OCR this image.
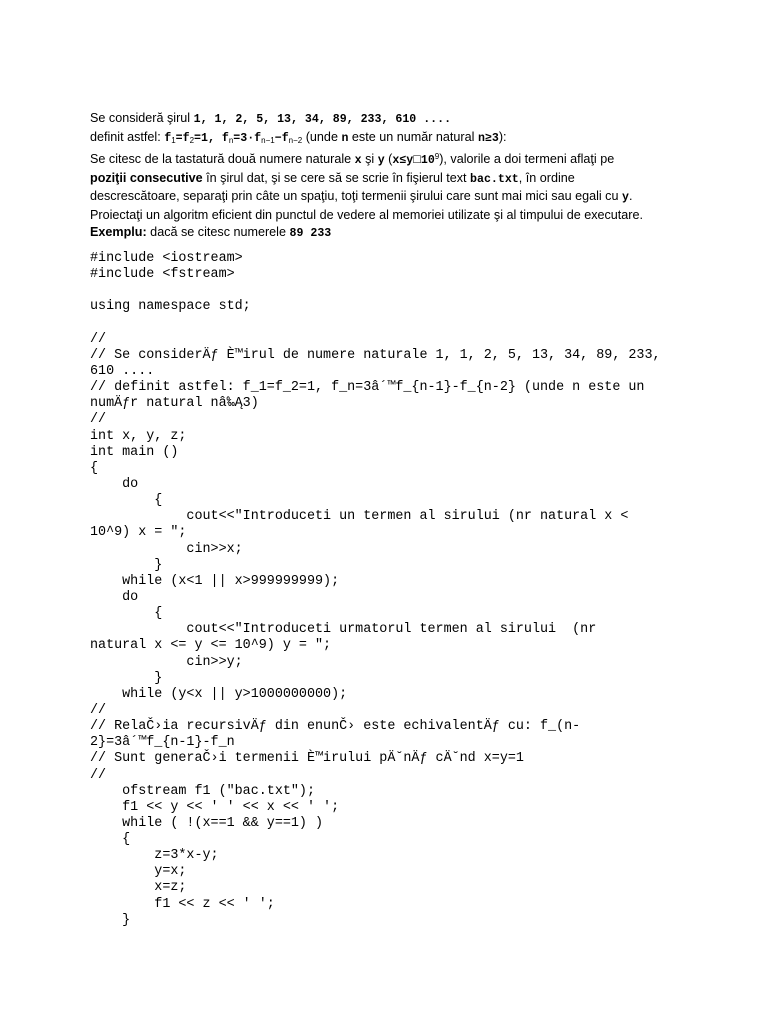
Se consideră şirul 1, 1, 2, 5, 13, 34, 89, 233, 610 ....
definit astfel: $f_1=f_2=1$, $f_n=3\cdot f_{n-1}-f_{n-2}$ (unde n este un număr natural n≥3):
Se citesc de la tastatură două numere naturale x şi y $(x\le y□10^9)$, valorile a doi termeni aflaţi pe
poziţii consecutive în şirul dat, şi se cere să se scrie în fişierul text bac.txt, în ordine
descrescătoare, separaţi prin câte un spaţiu, toţi termenii şirului care sunt mai mici sau egali cu y.
Proiectaţi un algoritm eficient din punctul de vedere al memoriei utilizate şi al timpului de executare.
Exemplu: dacă se citesc numerele 89 233
#include <iostream>
#include <fstream>
using namespace std;
//
// Se considerÄƒ È™irul de numere naturale 1, 1, 2, 5, 13, 34, 89, 233,
610 ....
// definit astfel: f_1=f_2=1, f_n=3â´™f_{n-1}-f_{n-2} (unde n este un
numÄƒr natural nâ‰Ą3)
//
int x, y, z;
int main ()
{
do
{
cout<<"Introduceti un termen al sirului (nr natural x <
10^9) x = ";
cin>>x;
}
while (x<1 || x>999999999);
do
{
cout<<"Introduceti urmatorul termen al sirului  (nr
natural x <= y <= 10^9) y = ";
cin>>y;
}
while (y<x || y>1000000000);
//
// RelaČ›ia recursivÄƒ din enunČ› este echivalentÄƒ cu: f_(n-
2}=3â´™f_{n-1}-f_n
// Sunt generaČ›i termenii È™irului pÄ˘nÄƒ cÄ˘nd x=y=1
//
ofstream f1 ("bac.txt");
f1 << y << ' ' << x << ' ';
while ( !(x==1 && y==1) )
{
z=3*x-y;
y=x;
x=z;
f1 << z << ' ';
}
